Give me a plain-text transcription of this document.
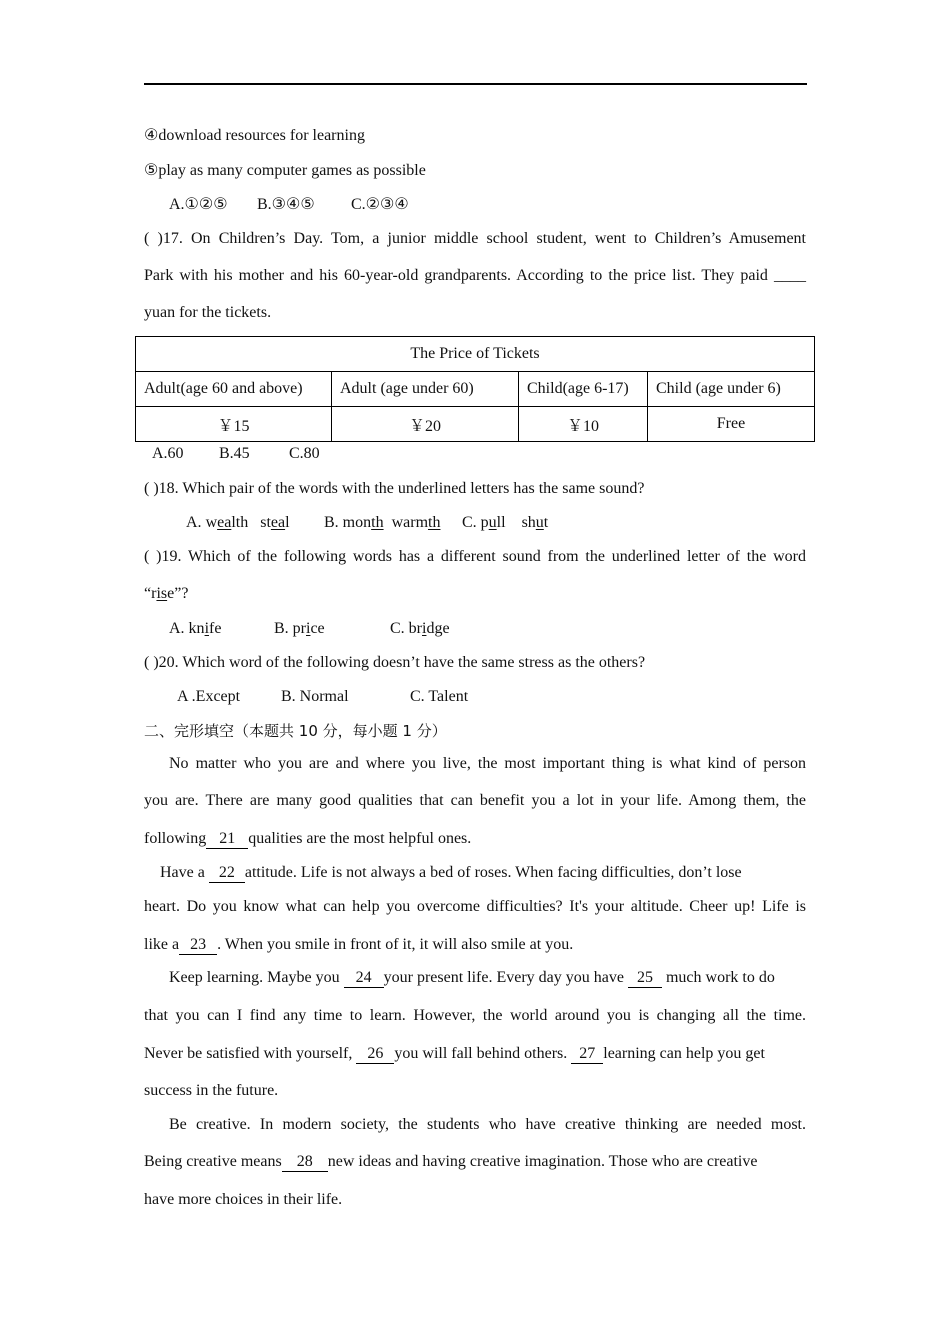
④download resources for learning
⑤play as many computer games as possible
A.①②⑤ B.③④⑤ C.②③④
( )17. On Children’s Day. Tom, a junior middle school student, went to Children’s Amusement
Park with his mother and his 60-year-old grandparents. According to the price list. They paid ____
yuan for the tickets.
The Price of Tickets			
Adult(age 60 and above)	Adult (age under 60)	Child(age 6-17)	Child (age under 6)
￥15	￥20	￥10	Free
A.60 B.45 C.80
( )18. Which pair of the words with the underlined letters has the same sound?
A. wealth steal B. month warmth C. pull shut
( )19. Which of the following words has a different sound from the underlined letter of the word
“rise”?
A. knife	B. price	C. bridge
( )20. Which word of the following doesn’t have the same stress as the others?
A .Except	B. Normal	C. Talent
二、完形填空（本题共 10 分，每小题 1 分）
No matter who you are and where you live, the most important thing is what kind of person
you are. There are many good qualities that can benefit you a lot in your life. Among them, the
following 21 qualities are the most helpful ones.
Have a 22 attitude. Life is not always a bed of roses. When facing difficulties, don’t lose
heart. Do you know what can help you overcome difficulties? It's your altitude. Cheer up! Life is
like a 23 . When you smile in front of it, it will also smile at you.
Keep learning. Maybe you 24 your present life. Every day you have 25 much work to do
that you can I find any time to learn. However, the world around you is changing all the time.
Never be satisfied with yourself, 26 you will fall behind others. 27 learning can help you get
success in the future.
Be creative. In modern society, the students who have creative thinking are needed most.
Being creative means 28 new ideas and having creative imagination. Those who are creative
have more choices in their life.
